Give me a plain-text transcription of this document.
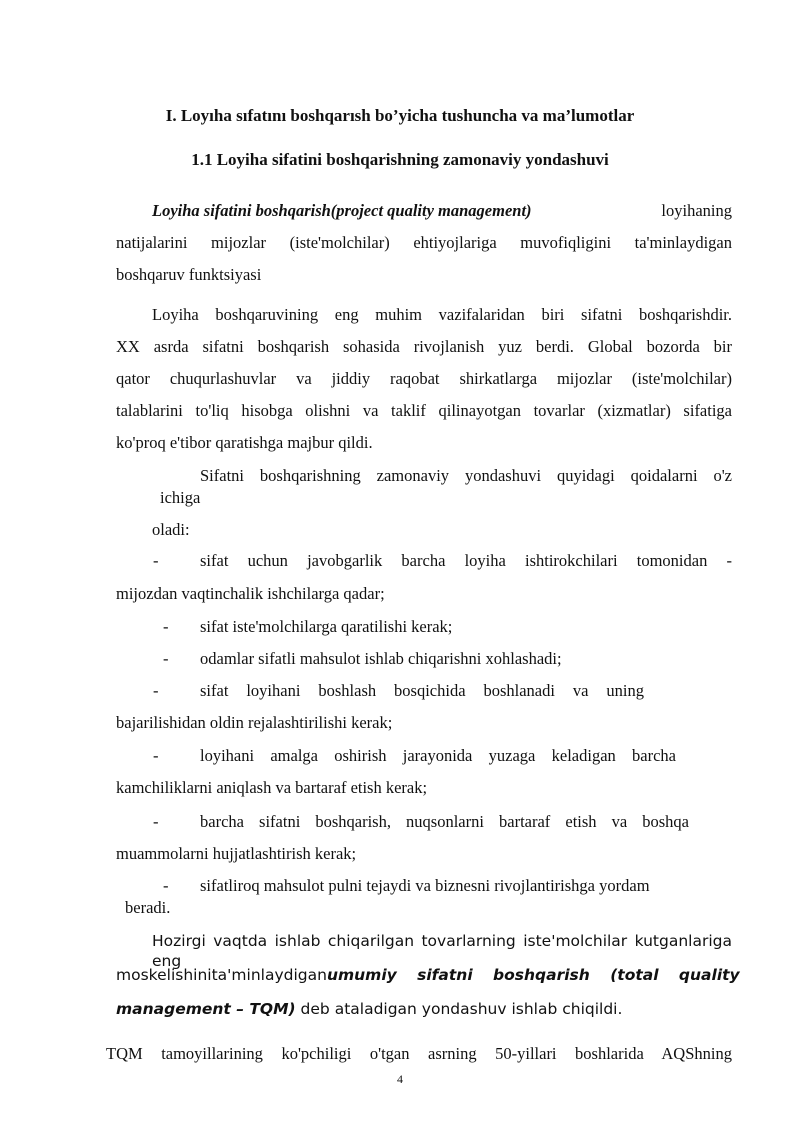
I. Loyıha sıfatını boshqarısh bo’yicha tushuncha va ma’lumotlar
1.1 Loyiha sifatini boshqarishning zamonaviy yondashuvi
Loyiha sifatini boshqarish(project quality management)	loyihaning
natijalarini mijozlar (iste'molchilar) ehtiyojlariga muvofiqligini ta'minlaydigan
boshqaruv funktsiyasi
Loyiha boshqaruvining eng muhim vazifalaridan biri sifatni boshqarishdir.
XX asrda sifatni boshqarish sohasida rivojlanish yuz berdi. Global bozorda bir
qator chuqurlashuvlar va jiddiy raqobat shirkatlarga mijozlar (iste'molchilar)
talablarini to'liq hisobga olishni va taklif qilinayotgan tovarlar (xizmatlar) sifatiga
ko'proq e'tibor qaratishga majbur qildi.
Sifatni boshqarishning zamonaviy yondashuvi quyidagi qoidalarni o'z
ichiga
oladi:
-	sifat uchun javobgarlik barcha loyiha ishtirokchilari tomonidan -
mijozdan vaqtinchalik ishchilarga qadar;
- sifat iste'molchilarga qaratilishi kerak;
- odamlar sifatli mahsulot ishlab chiqarishni xohlashadi;
-	sifat loyihani boshlash bosqichida boshlanadi va uning
bajarilishidan oldin rejalashtirilishi kerak;
-	loyihani amalga oshirish jarayonida yuzaga keladigan barcha
kamchiliklarni aniqlash va bartaraf etish kerak;
-	barcha sifatni boshqarish, nuqsonlarni bartaraf etish va boshqa
muammolarni hujjatlashtirish kerak;
- sifatliroq mahsulot pulni tejaydi va biznesni rivojlantirishga yordam
beradi.
Hozirgi vaqtda ishlab chiqarilgan tovarlarning iste'molchilar kutganlariga eng
mos kelishini ta'minlaydigan umumiy sifatni boshqarish (total quality
management – TQM) deb ataladigan yondashuv ishlab chiqildi.
TQM tamoyillarining ko'pchiligi o'tgan asrning 50-yillari boshlarida AQShning
4
